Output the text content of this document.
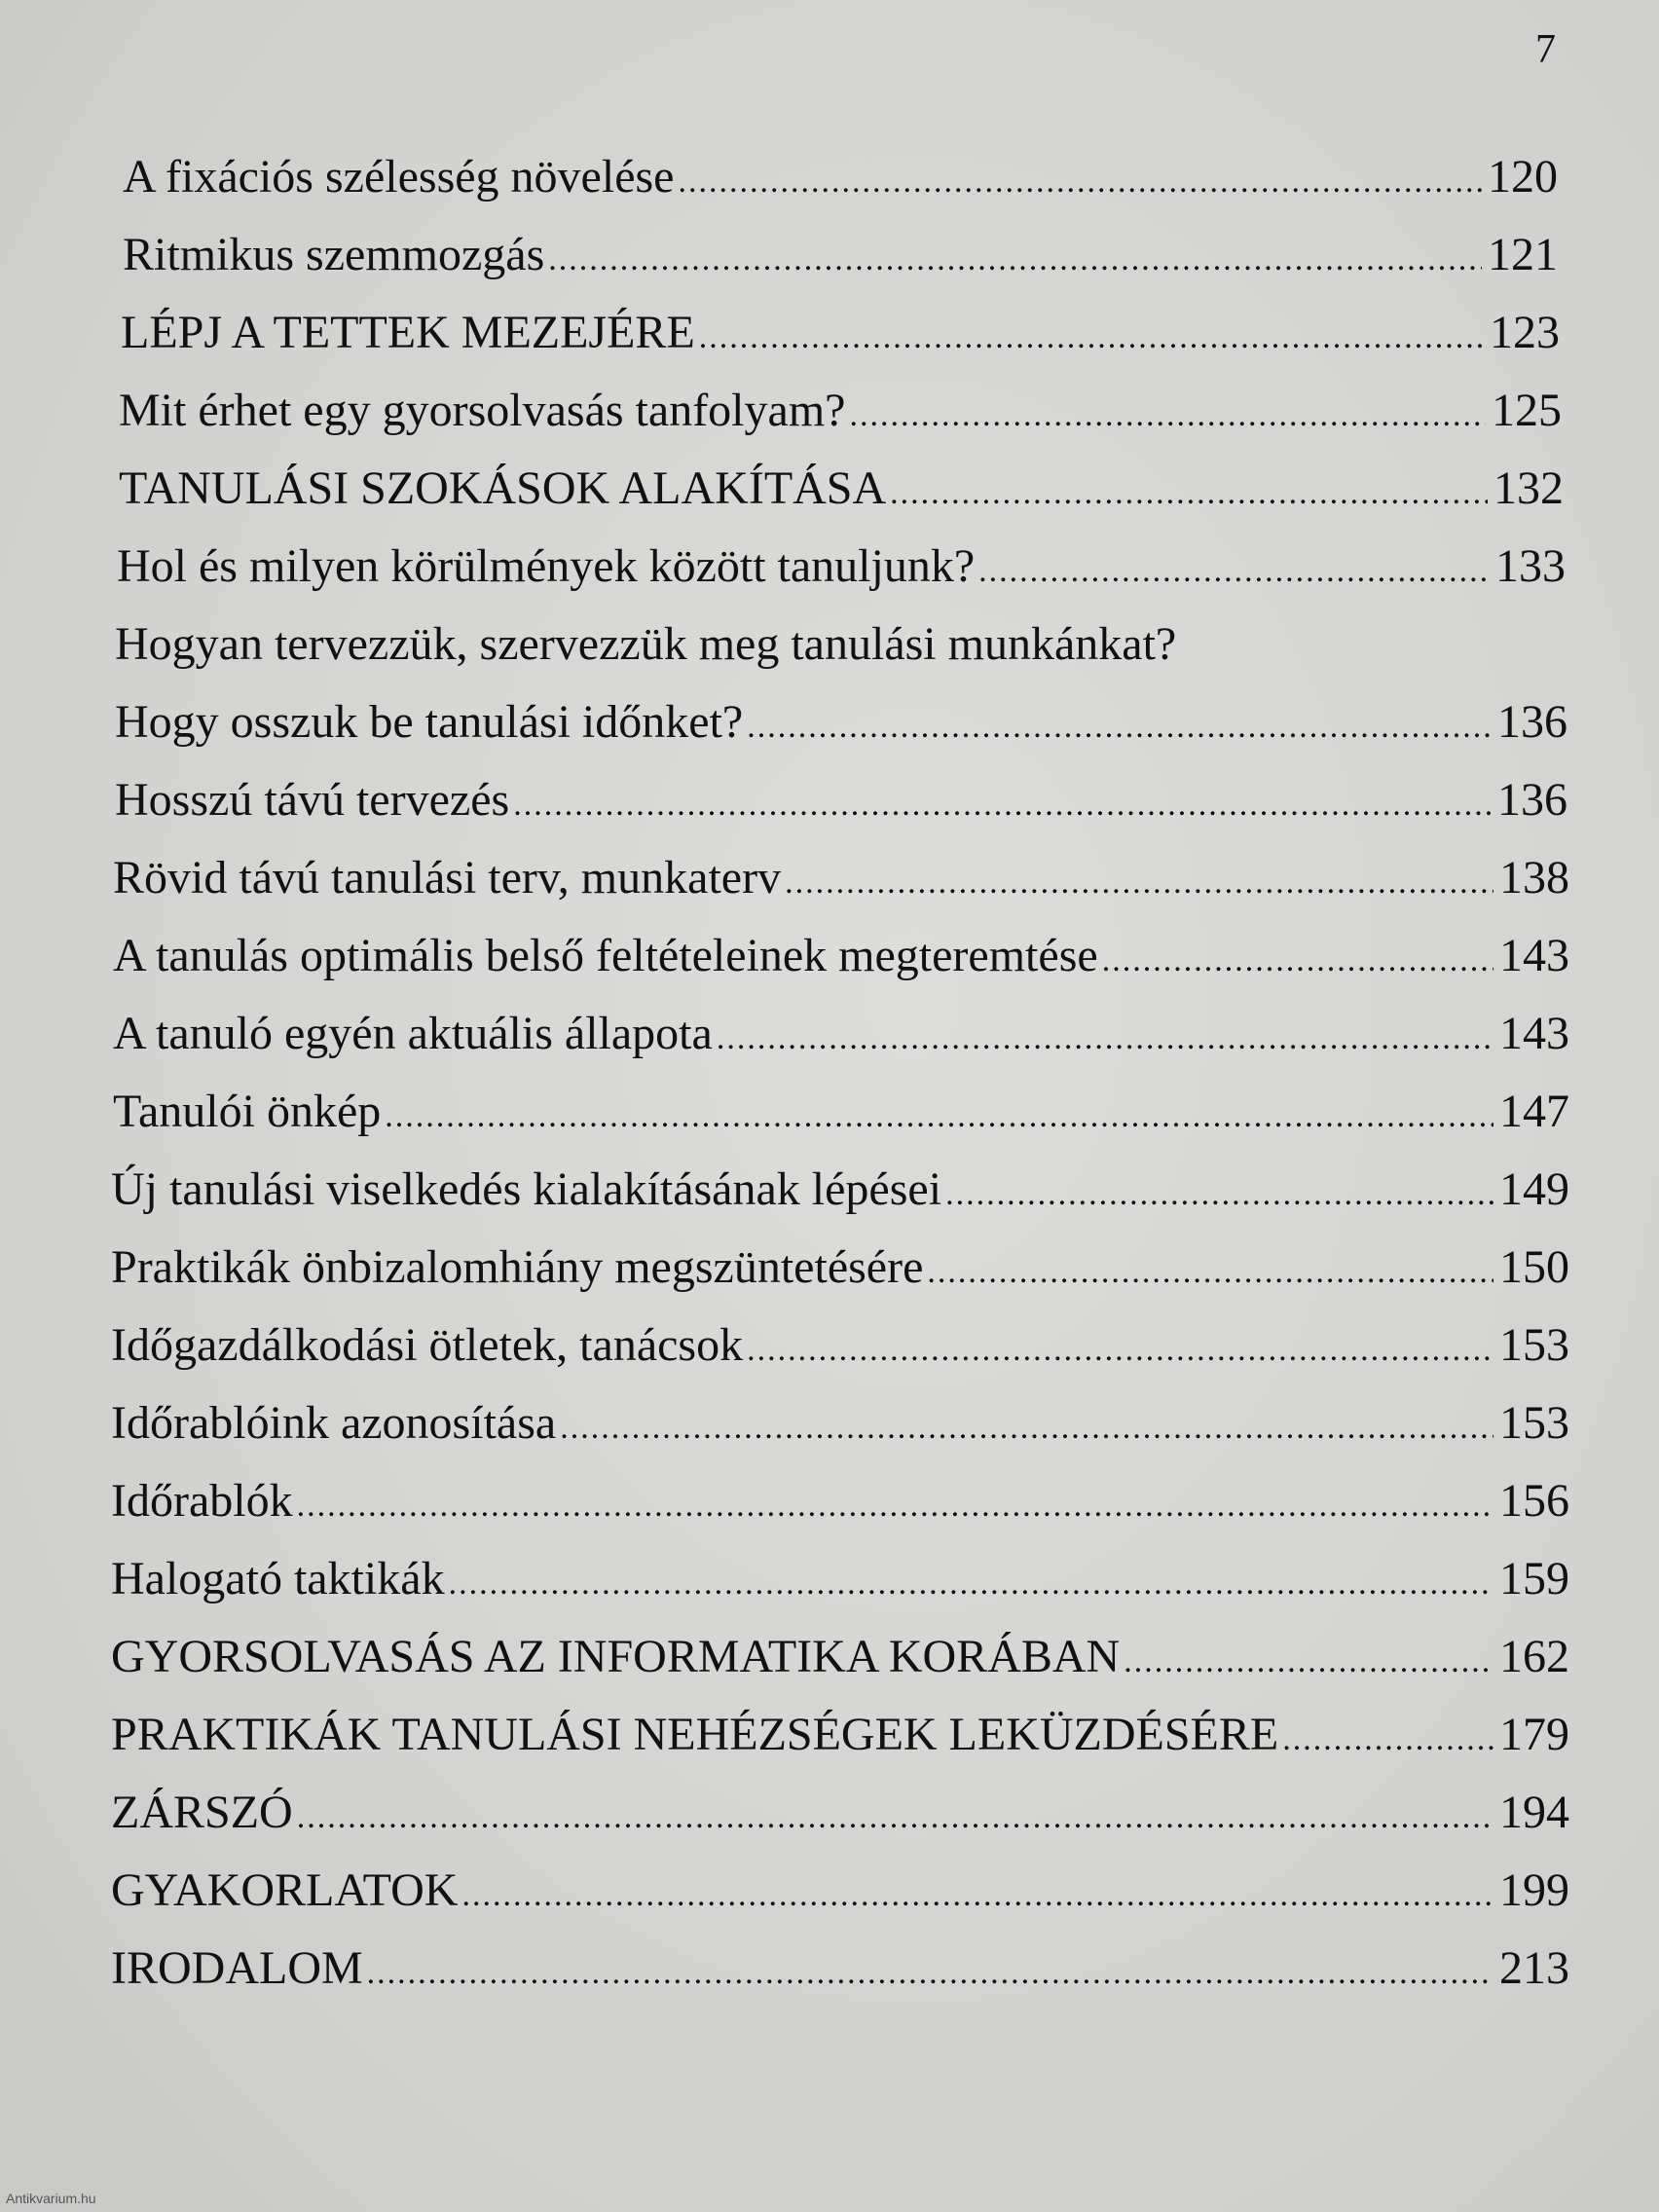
7
A fixációs szélesség növelése .....	120
Ritmikus szemmozgás .....	121
LÉPJ A TETTEK MEZEJÉRE .....	123
Mit érhet egy gyorsolvasás tanfolyam? .....	125
TANULÁSI SZOKÁSOK ALAKÍTÁSA .....	132
Hol és milyen körülmények között tanuljunk? .....	133
Hogyan tervezzük, szervezzük meg tanulási munkánkat?
Hogy osszuk be tanulási időnket? .....	136
Hosszú távú tervezés .....	136
Rövid távú tanulási terv, munkaterv .....	138
A tanulás optimális belső feltételeinek megteremtése .....	143
A tanuló egyén aktuális állapota .....	143
Tanulói önkép .....	147
Új tanulási viselkedés kialakításának lépései .....	149
Praktikák önbizalomhiány megszüntetésére .....	150
Időgazdálkodási ötletek, tanácsok .....	153
Időrablóink azonosítása .....	153
Időrablók .....	156
Halogató taktikák .....	159
GYORSOLVASÁS AZ INFORMATIKA KORÁBAN .....	162
PRAKTIKÁK TANULÁSI NEHÉZSÉGEK LEKÜZDÉSÉRE .....	179
ZÁRSZÓ .....	194
GYAKORLATOK .....	199
IRODALOM .....	213
Antikvarium.hu
